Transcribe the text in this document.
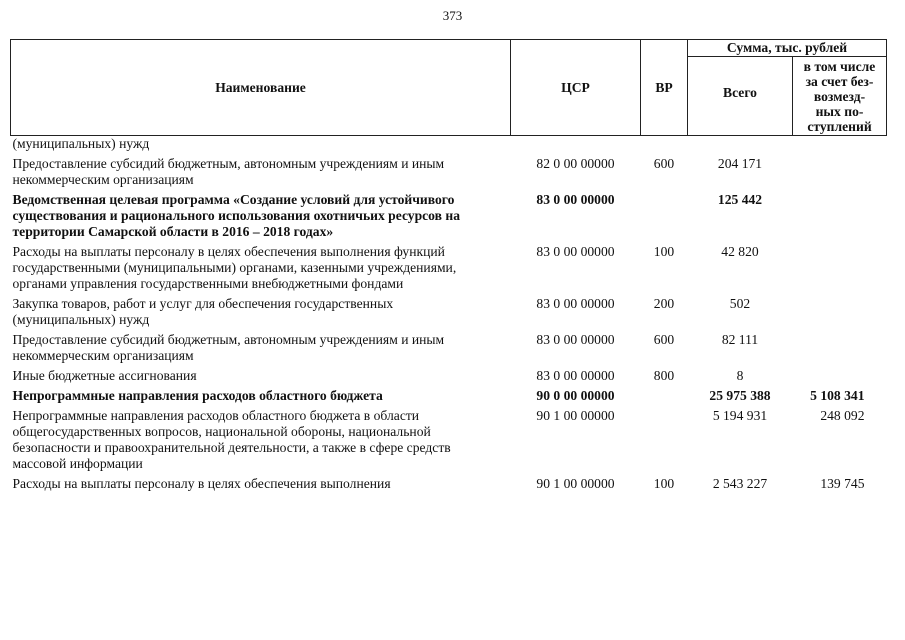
373
Наименование	ЦСР	ВР	Сумма, тыс. рублей	
			Всего	в том числе
за счет без-
возмезд-
ных по-
ступлений
(муниципальных) нужд				
Предоставление субсидий бюджетным, автономным учреждениям и иным некоммерческим организациям	82 0 00 00000	600	204 171	
Ведомственная целевая программа «Создание условий для устойчивого существования и рационального использования охотничьих ресурсов на территории Самарской области в 2016 – 2018 годах»	83 0 00 00000		125 442	
Расходы на выплаты персоналу в целях обеспечения выполнения функций государственными (муниципальными) органами, казенными учреждениями, органами управления государственными внебюджетными фондами	83 0 00 00000	100	42 820	
Закупка товаров, работ и услуг для обеспечения государственных (муниципальных) нужд	83 0 00 00000	200	502	
Предоставление субсидий бюджетным, автономным учреждениям и иным некоммерческим организациям	83 0 00 00000	600	82 111	
Иные бюджетные ассигнования	83 0 00 00000	800	8	
Непрограммные направления расходов областного бюджета	90 0 00 00000		25 975 388	5 108 341
Непрограммные направления расходов областного бюджета в области общегосударственных вопросов, национальной обороны, национальной безопасности и правоохранительной деятельности, а также в сфере средств массовой информации	90 1 00 00000		5 194 931	248 092
Расходы на выплаты персоналу в целях обеспечения выполнения	90 1 00 00000	100	2 543 227	139 745
